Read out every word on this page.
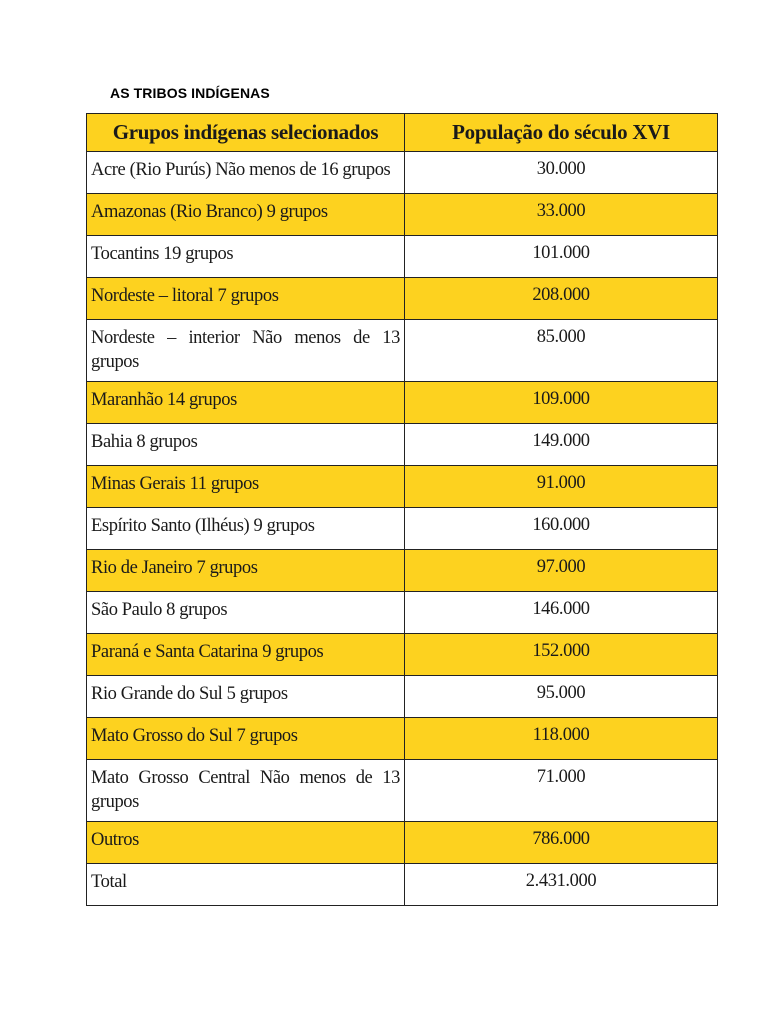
AS TRIBOS INDÍGENAS
Grupos indígenas selecionados	População do século XVI
Acre (Rio Purús) Não menos de 16 grupos	30.000
Amazonas (Rio Branco) 9 grupos	33.000
Tocantins 19 grupos	101.000
Nordeste – litoral 7 grupos	208.000
Nordeste – interior Não menos de 13 grupos	85.000
Maranhão 14 grupos	109.000
Bahia 8 grupos	149.000
Minas Gerais 11 grupos	91.000
Espírito Santo (Ilhéus) 9 grupos	160.000
Rio de Janeiro 7 grupos	97.000
São Paulo 8 grupos	146.000
Paraná e Santa Catarina 9 grupos	152.000
Rio Grande do Sul 5 grupos	95.000
Mato Grosso do Sul 7 grupos	118.000
Mato Grosso Central Não menos de 13 grupos	71.000
Outros	786.000
Total	2.431.000
